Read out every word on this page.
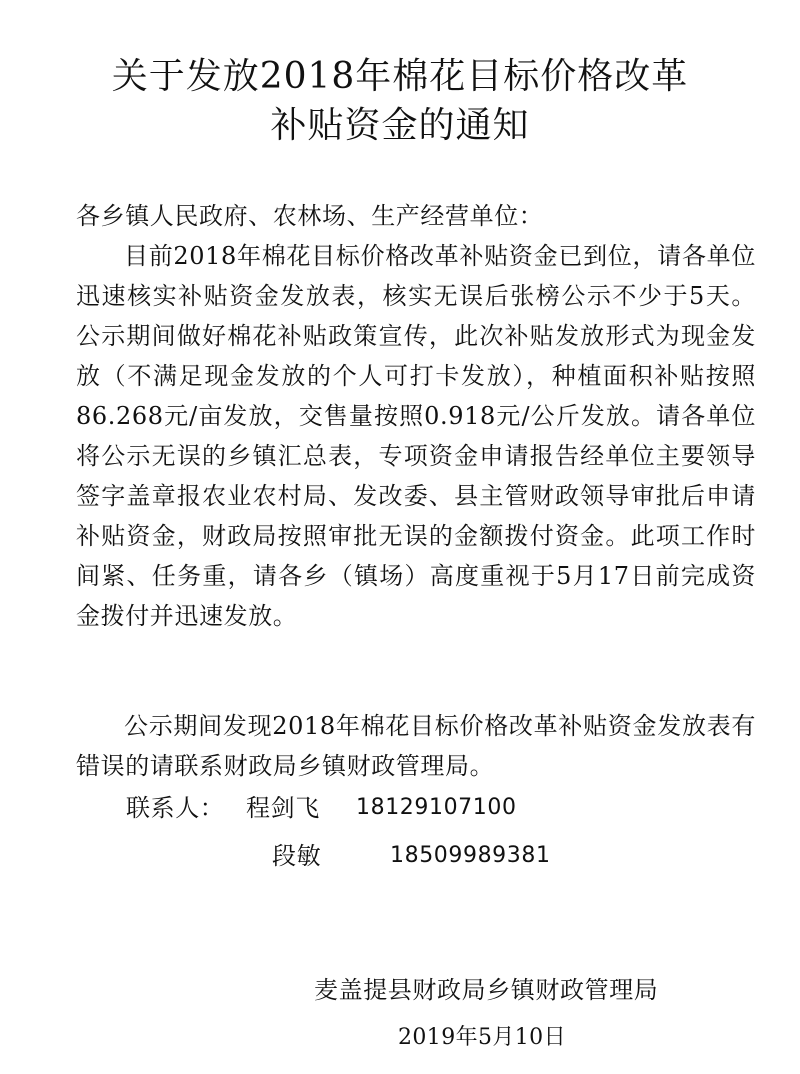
关于发放2018年棉花目标价格改革
补贴资金的通知
各乡镇人民政府、农林场、生产经营单位：
目前2018年棉花目标价格改革补贴资金已到位，请各单位迅速核实补贴资金发放表，核实无误后张榜公示不少于5天。公示期间做好棉花补贴政策宣传，此次补贴发放形式为现金发放（不满足现金发放的个人可打卡发放），种植面积补贴按照86.268元/亩发放，交售量按照0.918元/公斤发放。请各单位将公示无误的乡镇汇总表，专项资金申请报告经单位主要领导签字盖章报农业农村局、发改委、县主管财政领导审批后申请补贴资金，财政局按照审批无误的金额拨付资金。此项工作时间紧、任务重，请各乡（镇场）高度重视于5月17日前完成资金拨付并迅速发放。
公示期间发现2018年棉花目标价格改革补贴资金发放表有错误的请联系财政局乡镇财政管理局。
联系人： 程剑飞 18129107100
段敏	18509989381
麦盖提县财政局乡镇财政管理局
2019年5月10日
